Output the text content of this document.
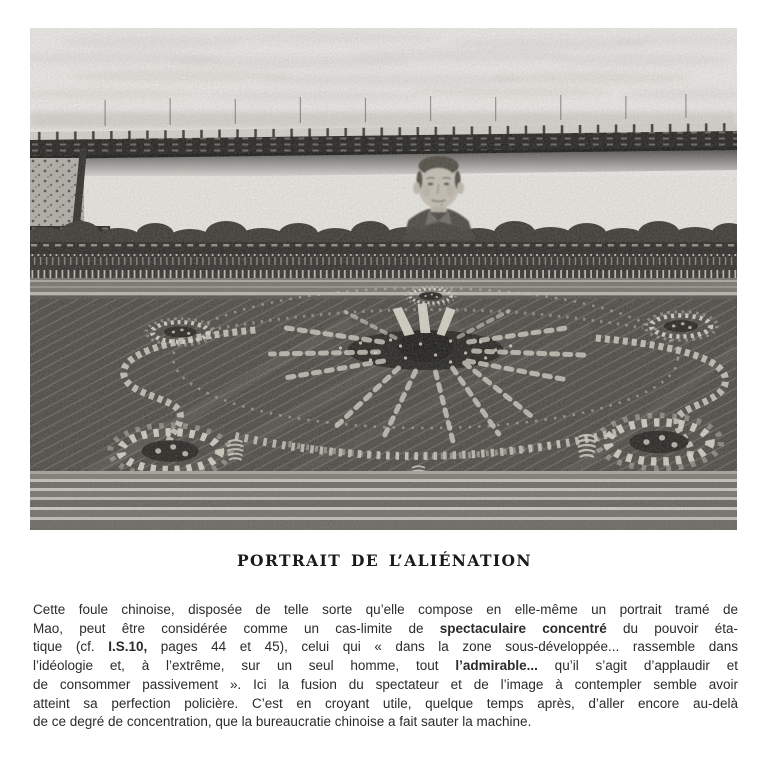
PORTRAIT DE L’ALIÉNATION
Cette foule chinoise, disposée de telle sorte qu’elle compose en elle-même un portrait tramé de
Mao, peut être considérée comme un cas-limite de spectaculaire concentré du pouvoir éta-
tique (cf. I.S.10, pages 44 et 45), celui qui « dans la zone sous-développée... rassemble dans
l’idéologie et, à l’extrême, sur un seul homme, tout l’admirable... qu’il s’agit d’applaudir et
de consommer passivement ». Ici la fusion du spectateur et de l’image à contempler semble avoir
atteint sa perfection policière. C’est en croyant utile, quelque temps après, d’aller encore au-delà
de ce degré de concentration, que la bureaucratie chinoise a fait sauter la machine.
